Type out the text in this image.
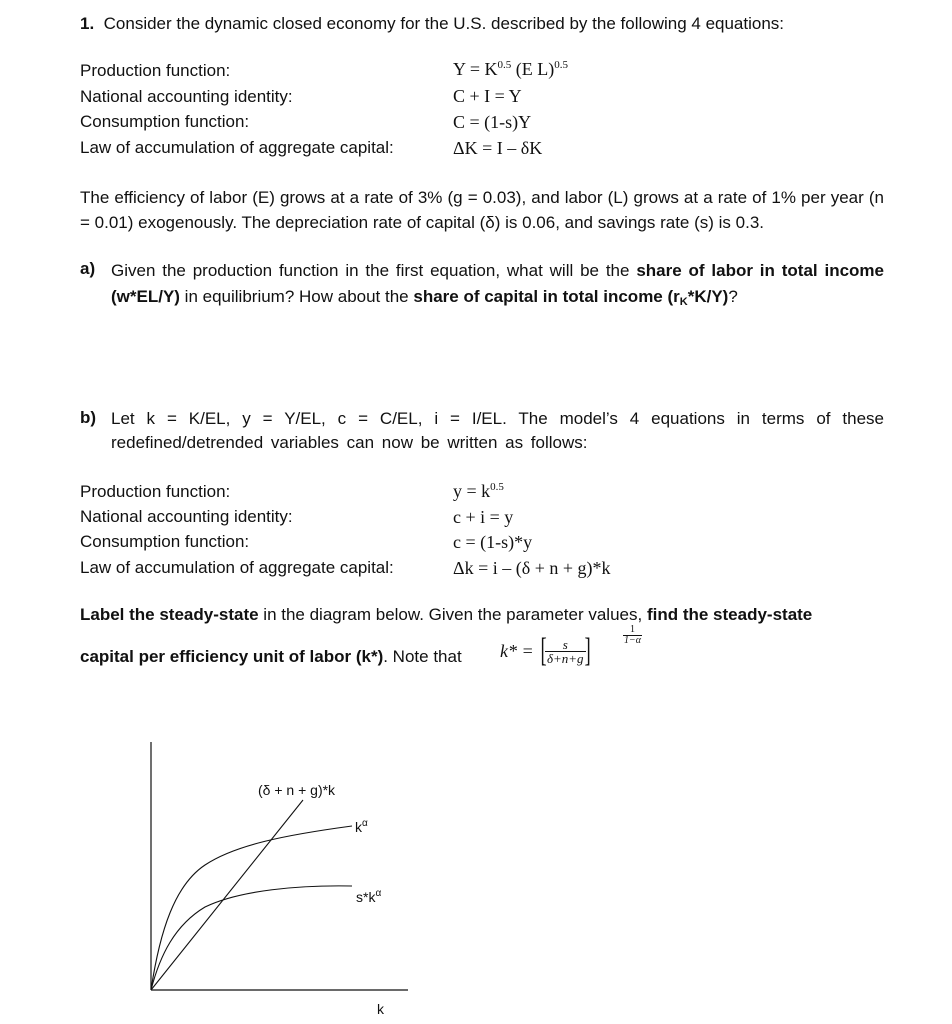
1. Consider the dynamic closed economy for the U.S. described by the following 4 equations:
Production function:
National accounting identity:
Consumption function:
Law of accumulation of aggregate capital:
$Y = K^{0.5}$ (E L)$^{0.5}$
C + I = Y
C = (1-s)Y
ΔK = I – δK
The efficiency of labor (E) grows at a rate of 3% (g = 0.03), and labor (L) grows at a rate of 1% per year (n = 0.01) exogenously. The depreciation rate of capital (δ) is 0.06, and savings rate (s) is 0.3.
a) Given the production function in the first equation, what will be the share of labor in total income (w*EL/Y) in equilibrium? How about the share of capital in total income $(r_K*K/Y)$?
b) Let k = K/EL, y = Y/EL, c = C/EL, i = I/EL. The model’s 4 equations in terms of these redefined/detrended variables can now be written as follows:
Production function:
National accounting identity:
Consumption function:
Law of accumulation of aggregate capital:
$y = k^{0.5}$
c + i = y
c = (1-s)*y
Δk = i – (δ + n + g)*k
Label the steady-state in the diagram below. Given the parameter values, find the steady-state
capital per efficiency unit of labor (k*). Note that k* = [
$\frac{s}{\delta+n+g}$
]	$\frac{1}{1-\alpha}$
(δ + n + g)*k
$k^\alpha$
$s*k^\alpha$
k
